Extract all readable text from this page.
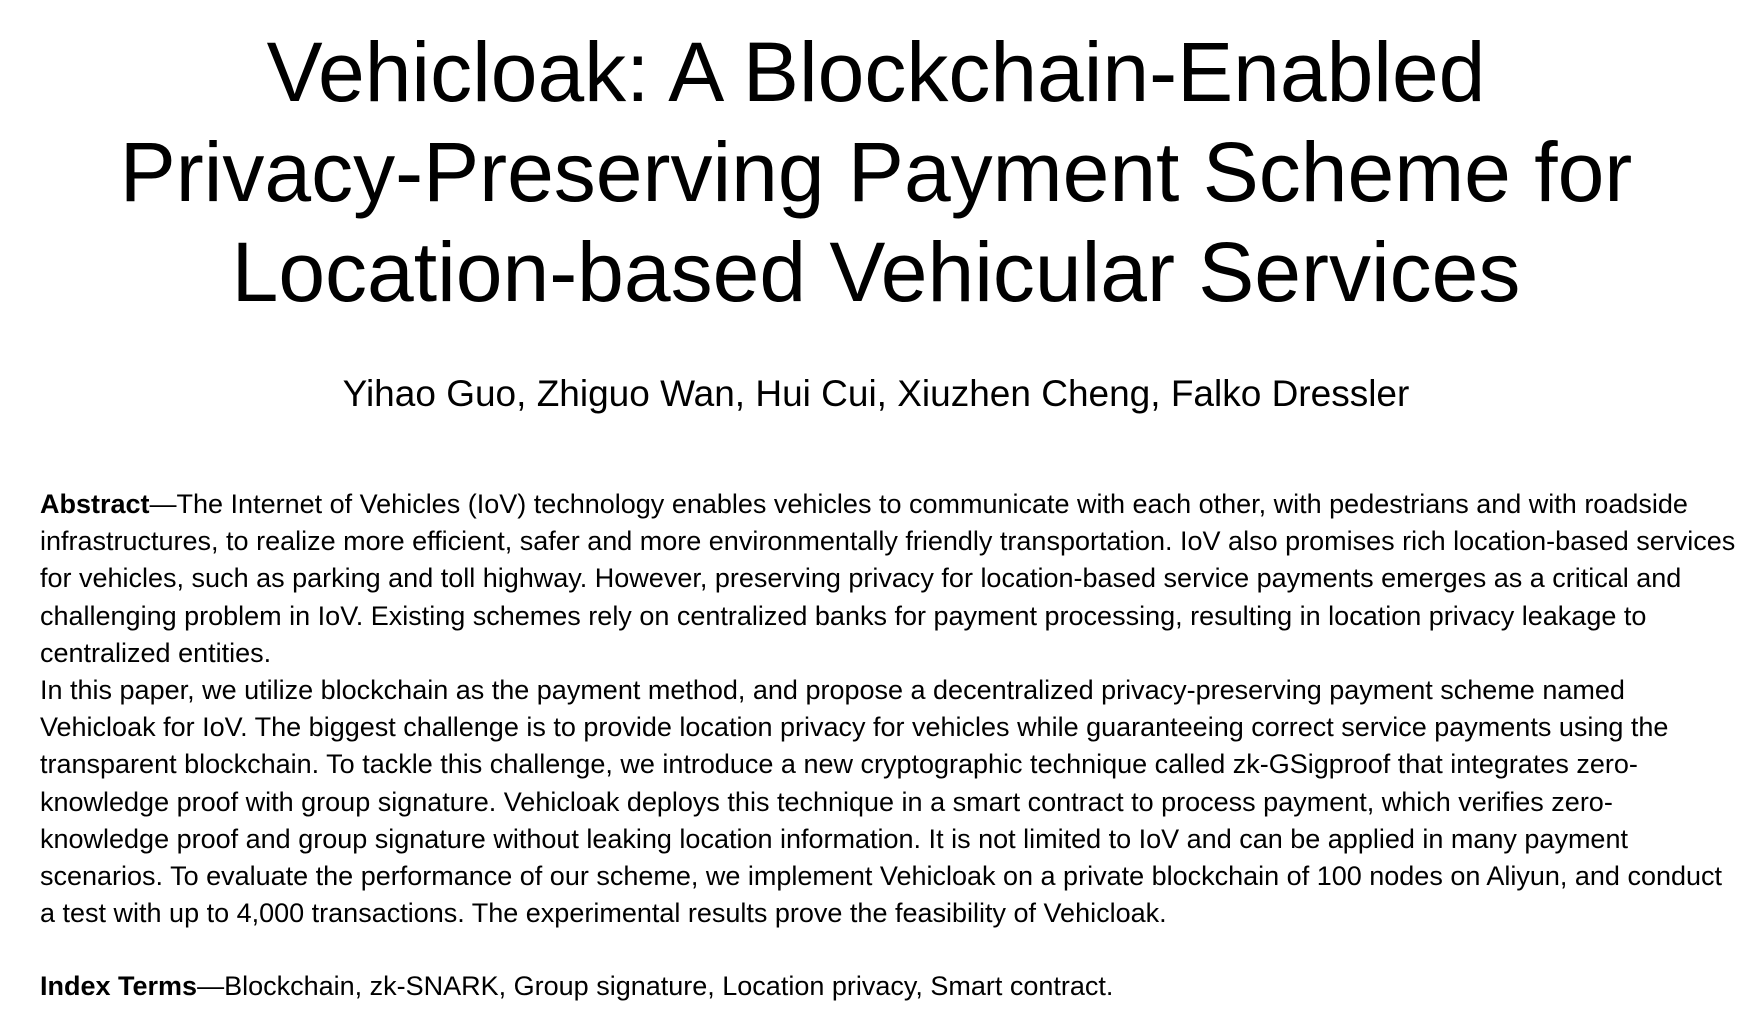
Vehicloak: A Blockchain-Enabled
Privacy-Preserving Payment Scheme for
Location-based Vehicular Services
Yihao Guo, Zhiguo Wan, Hui Cui, Xiuzhen Cheng, Falko Dressler

Abstract—The Internet of Vehicles (IoV) technology enables vehicles to communicate with each other, with pedestrians and with roadside infrastructures, to realize more efficient, safer and more environmentally friendly transportation. IoV also promises rich location-based services for vehicles, such as parking and toll highway. However, preserving privacy for location-based service payments emerges as a critical and challenging problem in IoV. Existing schemes rely on centralized banks for payment processing, resulting in location privacy leakage to centralized entities.

In this paper, we utilize blockchain as the payment method, and propose a decentralized privacy-preserving payment scheme named Vehicloak for IoV. The biggest challenge is to provide location privacy for vehicles while guaranteeing correct service payments using the transparent blockchain. To tackle this challenge, we introduce a new cryptographic technique called zk-GSigproof that integrates zero-knowledge proof with group signature. Vehicloak deploys this technique in a smart contract to process payment, which verifies zero-knowledge proof and group signature without leaking location information. It is not limited to IoV and can be applied in many payment scenarios. To evaluate the performance of our scheme, we implement Vehicloak on a private blockchain of 100 nodes on Aliyun, and conduct a test with up to 4,000 transactions. The experimental results prove the feasibility of Vehicloak.

Index Terms—Blockchain, zk-SNARK, Group signature, Location privacy, Smart contract.
